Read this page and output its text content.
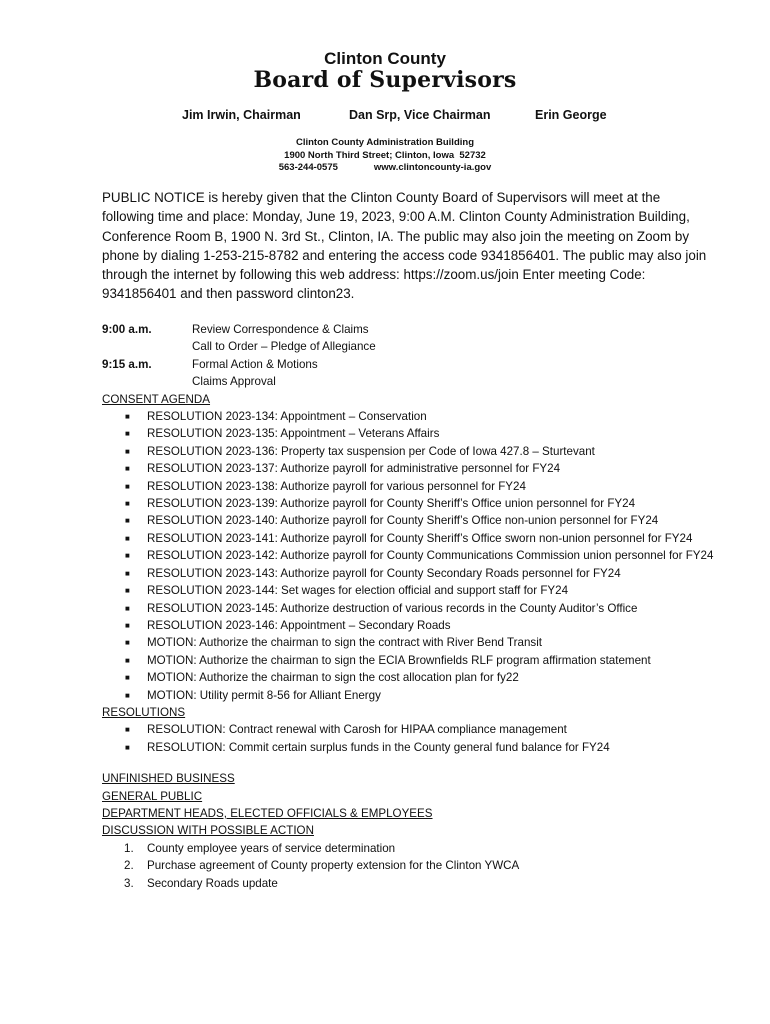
Clinton County
Board of Supervisors
Jim Irwin, Chairman	Dan Srp, Vice Chairman	Erin George
Clinton County Administration Building
1900 North Third Street; Clinton, Iowa  52732
563-244-0575	www.clintoncounty-ia.gov
PUBLIC NOTICE is hereby given that the Clinton County Board of Supervisors will meet at the following time and place: Monday, June 19, 2023, 9:00 A.M. Clinton County Administration Building, Conference Room B, 1900 N. 3rd St., Clinton, IA. The public may also join the meeting on Zoom by phone by dialing 1-253-215-8782 and entering the access code 9341856401. The public may also join through the internet by following this web address: https://zoom.us/join Enter meeting Code: 9341856401 and then password clinton23.
9:00 a.m.	Review Correspondence & Claims
Call to Order – Pledge of Allegiance
9:15 a.m.	Formal Action & Motions
Claims Approval
CONSENT AGENDA
■ RESOLUTION 2023-134: Appointment – Conservation
■ RESOLUTION 2023-135: Appointment – Veterans Affairs
■ RESOLUTION 2023-136: Property tax suspension per Code of Iowa 427.8 – Sturtevant
■ RESOLUTION 2023-137: Authorize payroll for administrative personnel for FY24
■ RESOLUTION 2023-138: Authorize payroll for various personnel for FY24
■ RESOLUTION 2023-139: Authorize payroll for County Sheriff’s Office union personnel for FY24
■ RESOLUTION 2023-140: Authorize payroll for County Sheriff’s Office non-union personnel for FY24
■ RESOLUTION 2023-141: Authorize payroll for County Sheriff’s Office sworn non-union personnel for FY24
■ RESOLUTION 2023-142: Authorize payroll for County Communications Commission union personnel for FY24
■ RESOLUTION 2023-143: Authorize payroll for County Secondary Roads personnel for FY24
■ RESOLUTION 2023-144: Set wages for election official and support staff for FY24
■ RESOLUTION 2023-145: Authorize destruction of various records in the County Auditor’s Office
■ RESOLUTION 2023-146: Appointment – Secondary Roads
■ MOTION: Authorize the chairman to sign the contract with River Bend Transit
■ MOTION: Authorize the chairman to sign the ECIA Brownfields RLF program affirmation statement
■ MOTION: Authorize the chairman to sign the cost allocation plan for fy22
■ MOTION: Utility permit 8-56 for Alliant Energy
RESOLUTIONS
■ RESOLUTION: Contract renewal with Carosh for HIPAA compliance management
■ RESOLUTION: Commit certain surplus funds in the County general fund balance for FY24
UNFINISHED BUSINESS
GENERAL PUBLIC
DEPARTMENT HEADS, ELECTED OFFICIALS & EMPLOYEES
DISCUSSION WITH POSSIBLE ACTION
1. County employee years of service determination
2. Purchase agreement of County property extension for the Clinton YWCA
3. Secondary Roads update
